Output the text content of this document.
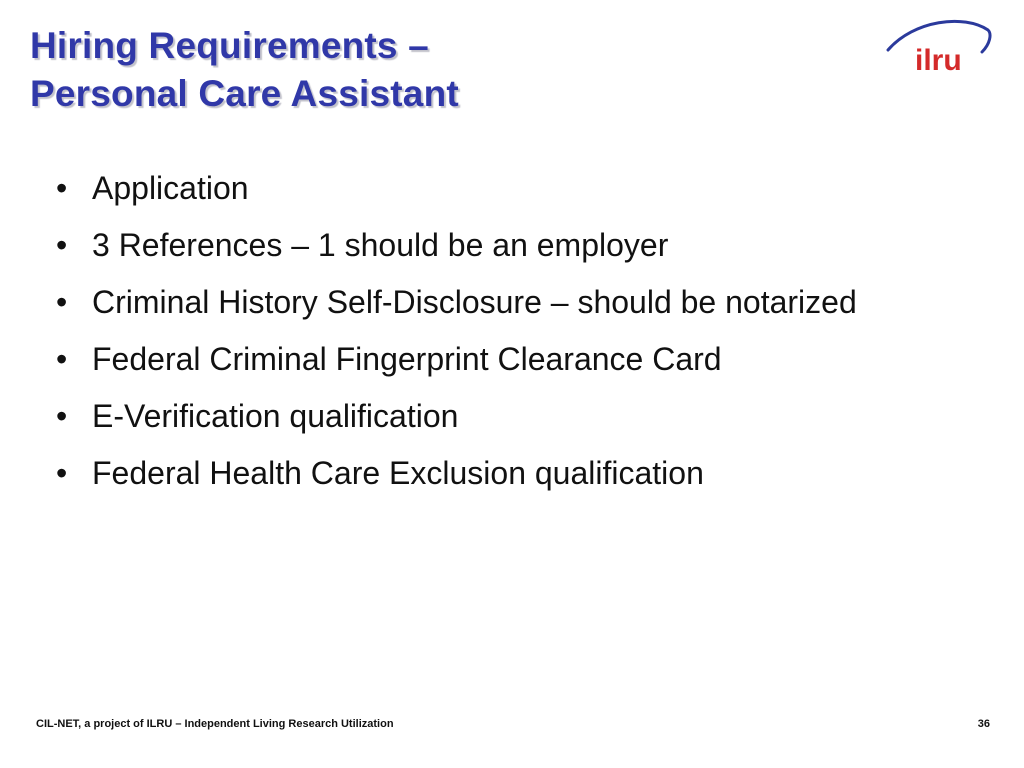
Hiring Requirements –
Personal Care Assistant
ilru
• Application
• 3 References – 1 should be an employer
• Criminal History Self-Disclosure – should be notarized
• Federal Criminal Fingerprint Clearance Card
• E-Verification qualification
• Federal Health Care Exclusion qualification
CIL-NET, a project of ILRU – Independent Living Research Utilization	36
